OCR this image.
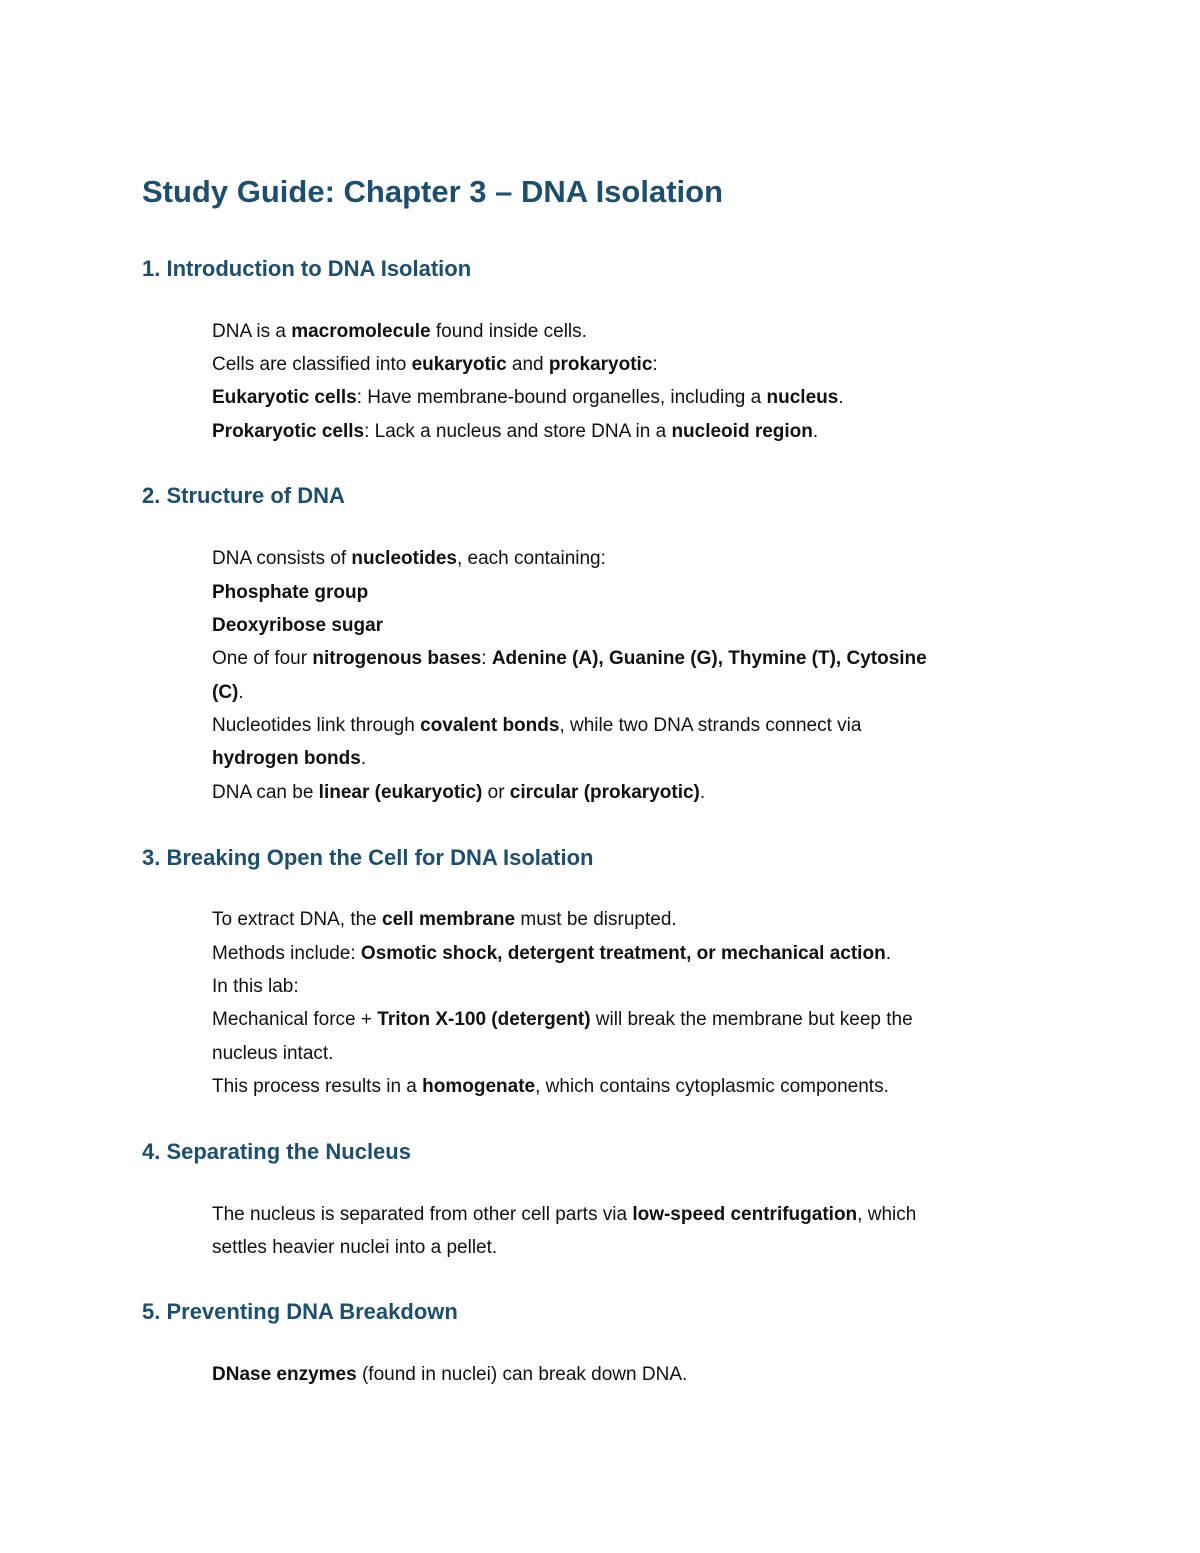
Study Guide: Chapter 3 – DNA Isolation
1. Introduction to DNA Isolation

DNA is a macromolecule found inside cells.

Cells are classified into eukaryotic and prokaryotic:

Eukaryotic cells: Have membrane-bound organelles, including a nucleus.

Prokaryotic cells: Lack a nucleus and store DNA in a nucleoid region.

2. Structure of DNA

DNA consists of nucleotides, each containing:

Phosphate group

Deoxyribose sugar

One of four nitrogenous bases: Adenine (A), Guanine (G), Thymine (T), Cytosine

(C).

Nucleotides link through covalent bonds, while two DNA strands connect via

hydrogen bonds.

DNA can be linear (eukaryotic) or circular (prokaryotic).

3. Breaking Open the Cell for DNA Isolation

To extract DNA, the cell membrane must be disrupted.

Methods include: Osmotic shock, detergent treatment, or mechanical action.

In this lab:

Mechanical force + Triton X-100 (detergent) will break the membrane but keep the

nucleus intact.

This process results in a homogenate, which contains cytoplasmic components.

4. Separating the Nucleus

The nucleus is separated from other cell parts via low-speed centrifugation, which

settles heavier nuclei into a pellet.

5. Preventing DNA Breakdown

DNase enzymes (found in nuclei) can break down DNA.
